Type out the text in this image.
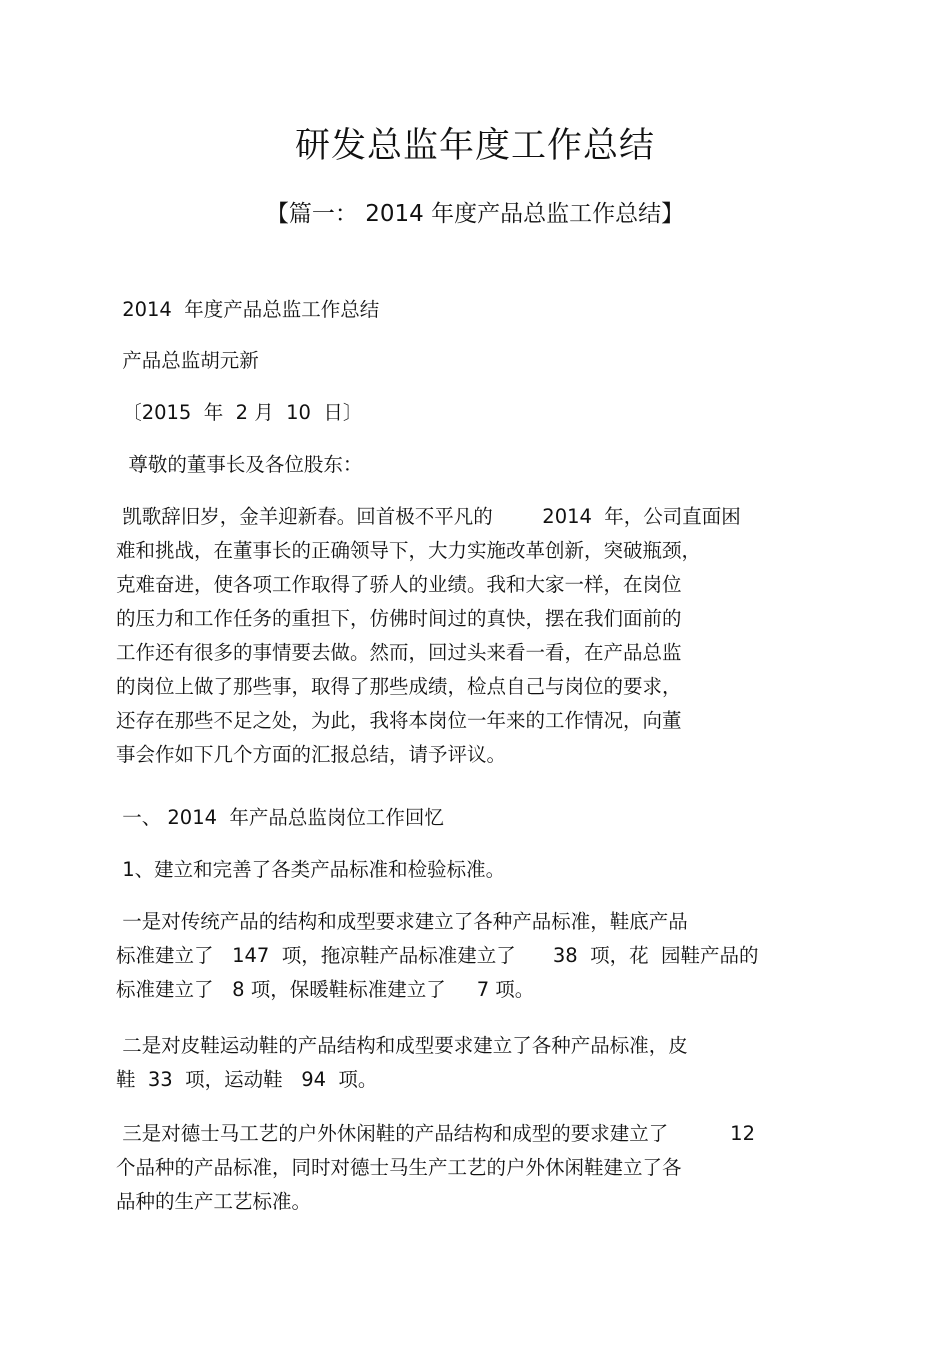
研发总监年度工作总结
【篇一： 2014 年度产品总监工作总结】
2014  年度产品总监工作总结
产品总监胡元新
〔2015  年  2 月  10  日〕
尊敬的董事长及各位股东：
凯歌辞旧岁，金羊迎新春。回首极不平凡的        2014  年，公司直面困
难和挑战，在董事长的正确领导下，大力实施改革创新，突破瓶颈，
克难奋进，使各项工作取得了骄人的业绩。我和大家一样，在岗位
的压力和工作任务的重担下，仿佛时间过的真快，摆在我们面前的
工作还有很多的事情要去做。然而，回过头来看一看，在产品总监
的岗位上做了那些事，取得了那些成绩，检点自己与岗位的要求，
还存在那些不足之处，为此，我将本岗位一年来的工作情况，向董
事会作如下几个方面的汇报总结，请予评议。
一、 2014  年产品总监岗位工作回忆
1、建立和完善了各类产品标准和检验标准。
一是对传统产品的结构和成型要求建立了各种产品标准，鞋底产品
标准建立了   147  项，拖凉鞋产品标准建立了      38  项，花  园鞋产品的
标准建立了   8 项，保暖鞋标准建立了     7 项。
二是对皮鞋运动鞋的产品结构和成型要求建立了各种产品标准，皮
鞋  33  项，运动鞋   94  项。
三是对德士马工艺的户外休闲鞋的产品结构和成型的要求建立了          12
个品种的产品标准，同时对德士马生产工艺的户外休闲鞋建立了各
品种的生产工艺标准。
